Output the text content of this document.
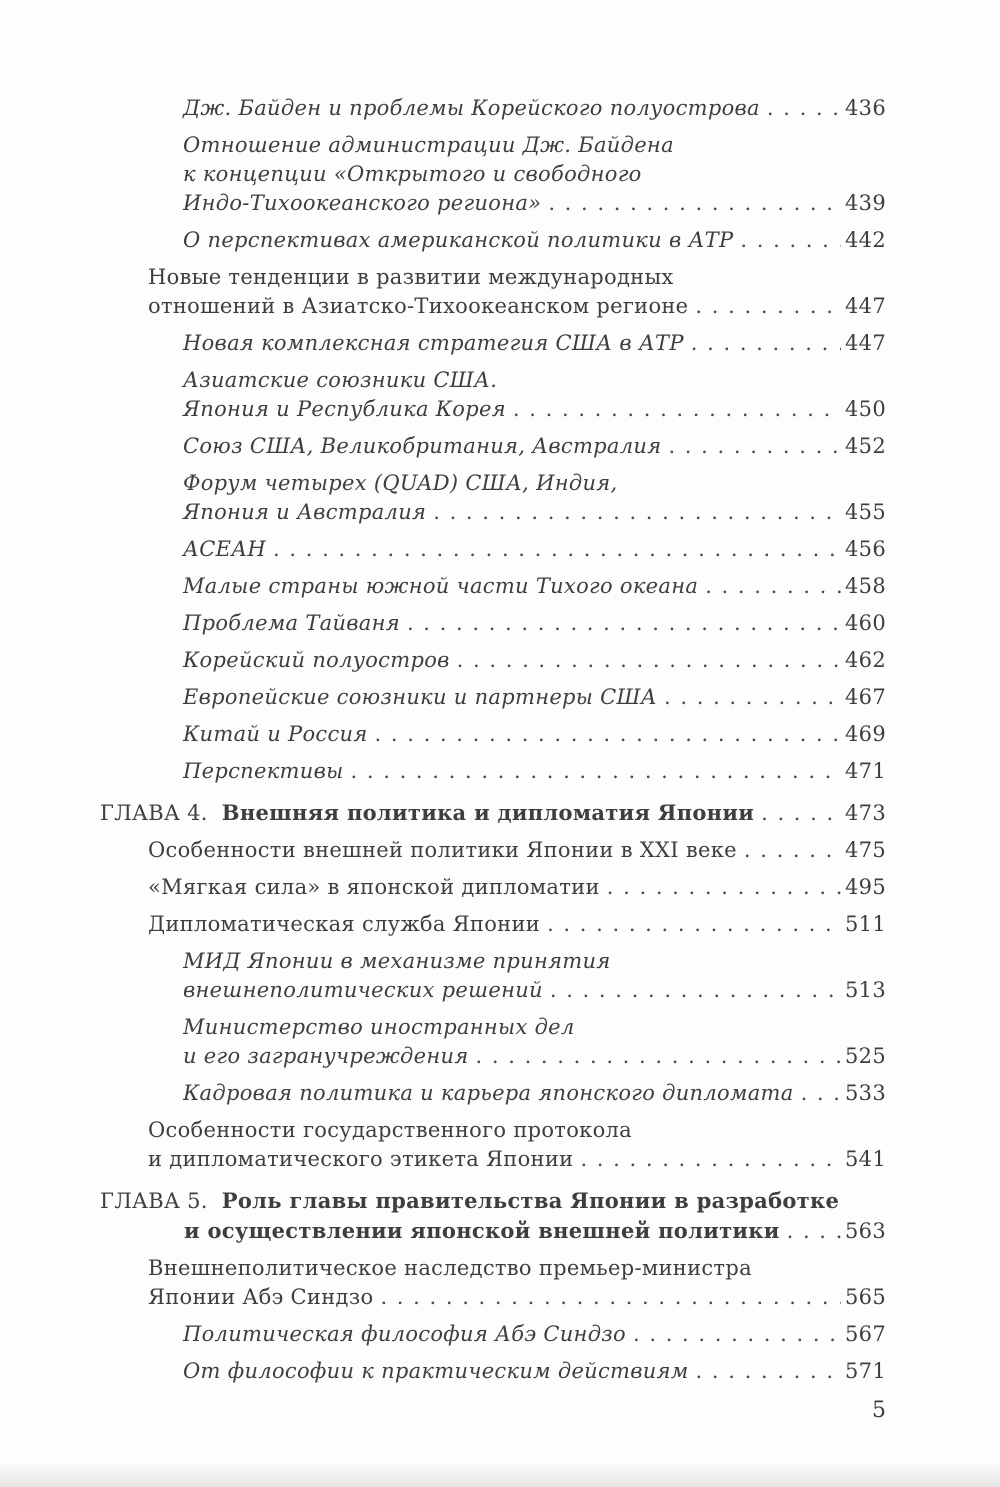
Дж. Байден и проблемы Корейского полуострова . . .	436
Отношение администрации Дж. Байдена
к концепции «Открытого и свободного
Индо-Тихоокеанского региона» . . .	439
О перспективах американской политики в АТР . . .	442
Новые тенденции в развитии международных
отношений в Азиатско-Тихоокеанском регионе . . .	447
Новая комплексная стратегия США в АТР . . .	447
Азиатские союзники США.
Япония и Республика Корея . . .	450
Союз США, Великобритания, Австралия . . .	452
Форум четырех (QUAD) США, Индия,
Япония и Австралия . . .	455
АСЕАН . . .	456
Малые страны южной части Тихого океана . . .	458
Проблема Тайваня . . .	460
Корейский полуостров . . .	462
Европейские союзники и партнеры США . . .	467
Китай и Россия . . .	469
Перспективы . . .	471
ГЛАВА 4. Внешняя политика и дипломатия Японии . . .	473
Особенности внешней политики Японии в XXI веке . . .	475
«Мягкая сила» в японской дипломатии . . .	495
Дипломатическая служба Японии . . .	511
МИД Японии в механизме принятия
внешнеполитических решений . . .	513
Министерство иностранных дел
и его загранучреждения . . .	525
Кадровая политика и карьера японского дипломата . . . 533
Особенности государственного протокола
и дипломатического этикета Японии . . .	541
ГЛАВА 5. Роль главы правительства Японии в разработке
и осуществлении японской внешней политики . . .	563
Внешнеполитическое наследство премьер-министра
Японии Абэ Синдзо . . .	565
Политическая философия Абэ Синдзо . . .	567
От философии к практическим действиям . . .	571
5
